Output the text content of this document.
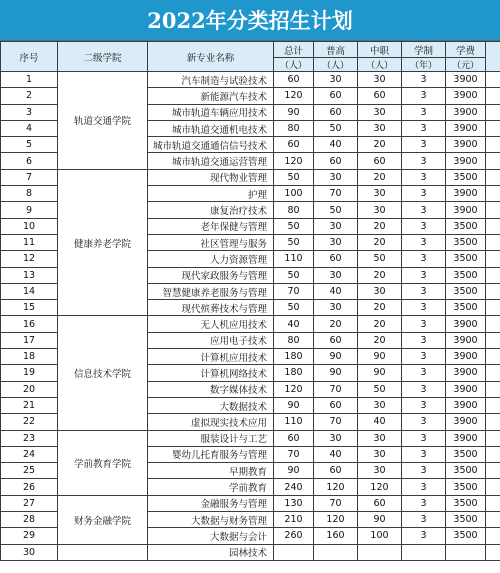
2022年分类招生计划
序号	二级学院	新专业名称	总计	普高	中职	学制	学费	
			（人）	（人）	（人）	（年）	（元）	
1	轨道交通学院	汽车制造与试验技术	60	30	30	3	3900	
2		新能源汽车技术	120	60	60	3	3900	
3		城市轨道车辆应用技术	90	60	30	3	3900	
4		城市轨道交通机电技术	80	50	30	3	3900	
5		城市轨道交通通信信号技术	60	40	20	3	3900	
6		城市轨道交通运营管理	120	60	60	3	3900	
7	健康养老学院	现代物业管理	50	30	20	3	3500	
8		护理	100	70	30	3	3900	
9		康复治疗技术	80	50	30	3	3900	
10		老年保健与管理	50	30	20	3	3500	
11		社区管理与服务	50	30	20	3	3500	
12		人力资源管理	110	60	50	3	3500	
13		现代家政服务与管理	50	30	20	3	3500	
14		智慧健康养老服务与管理	70	40	30	3	3500	
15		现代殡葬技术与管理	50	30	20	3	3500	
16	信息技术学院	无人机应用技术	40	20	20	3	3900	
17		应用电子技术	80	60	20	3	3900	
18		计算机应用技术	180	90	90	3	3900	
19		计算机网络技术	180	90	90	3	3900	
20		数字媒体技术	120	70	50	3	3900	
21		大数据技术	90	60	30	3	3900	
22		虚拟现实技术应用	110	70	40	3	3900	
23	学前教育学院	服装设计与工艺	60	30	30	3	3900	
24		婴幼儿托育服务与管理	70	40	30	3	3500	
25		早期教育	90	60	30	3	3500	
26		学前教育	240	120	120	3	3500	
27	财务金融学院	金融服务与管理	130	70	60	3	3500	
28		大数据与财务管理	210	120	90	3	3500	
29		大数据与会计	260	160	100	3	3500	
30		园林技术						
